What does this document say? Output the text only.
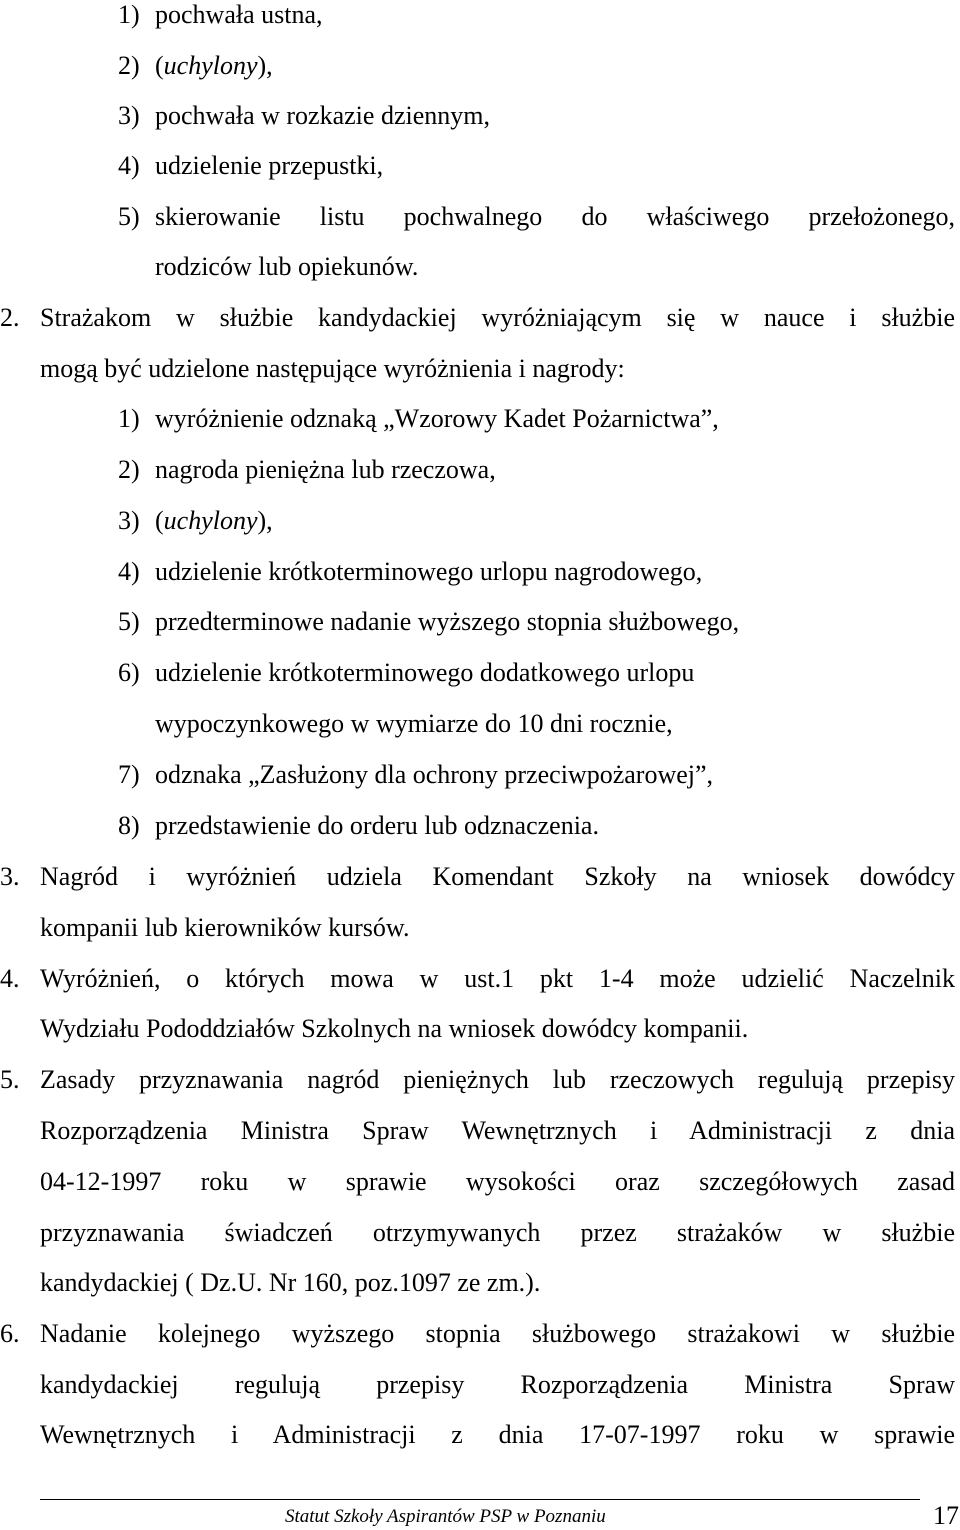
1) pochwała ustna,
2) (uchylony),
3) pochwała w rozkazie dziennym,
4) udzielenie przepustki,
5) skierowanie listu pochwalnego do właściwego przełożonego,
rodziców lub opiekunów.
2. Strażakom w służbie kandydackiej wyróżniającym się w nauce i służbie
mogą być udzielone następujące wyróżnienia i nagrody:
1) wyróżnienie odznaką „Wzorowy Kadet Pożarnictwa”,
2) nagroda pieniężna lub rzeczowa,
3) (uchylony),
4) udzielenie krótkoterminowego urlopu nagrodowego,
5) przedterminowe nadanie wyższego stopnia służbowego,
6) udzielenie krótkoterminowego dodatkowego urlopu
wypoczynkowego w wymiarze do 10 dni rocznie,
7) odznaka „Zasłużony dla ochrony przeciwpożarowej”,
8) przedstawienie do orderu lub odznaczenia.
3. Nagród i wyróżnień udziela Komendant Szkoły na wniosek dowódcy
kompanii lub kierowników kursów.
4. Wyróżnień, o których mowa w ust.1 pkt 1-4 może udzielić Naczelnik
Wydziału Pododdziałów Szkolnych na wniosek dowódcy kompanii.
5. Zasady przyznawania nagród pieniężnych lub rzeczowych regulują przepisy
Rozporządzenia Ministra Spraw Wewnętrznych i Administracji z dnia
04-12-1997 roku w sprawie wysokości oraz szczegółowych zasad
przyznawania świadczeń otrzymywanych przez strażaków w służbie
kandydackiej ( Dz.U. Nr 160, poz.1097 ze zm.).
6. Nadanie kolejnego wyższego stopnia służbowego strażakowi w służbie
kandydackiej regulują przepisy Rozporządzenia Ministra Spraw
Wewnętrznych i Administracji z dnia 17-07-1997 roku w sprawie
Statut Szkoły Aspirantów PSP w Poznaniu	17
